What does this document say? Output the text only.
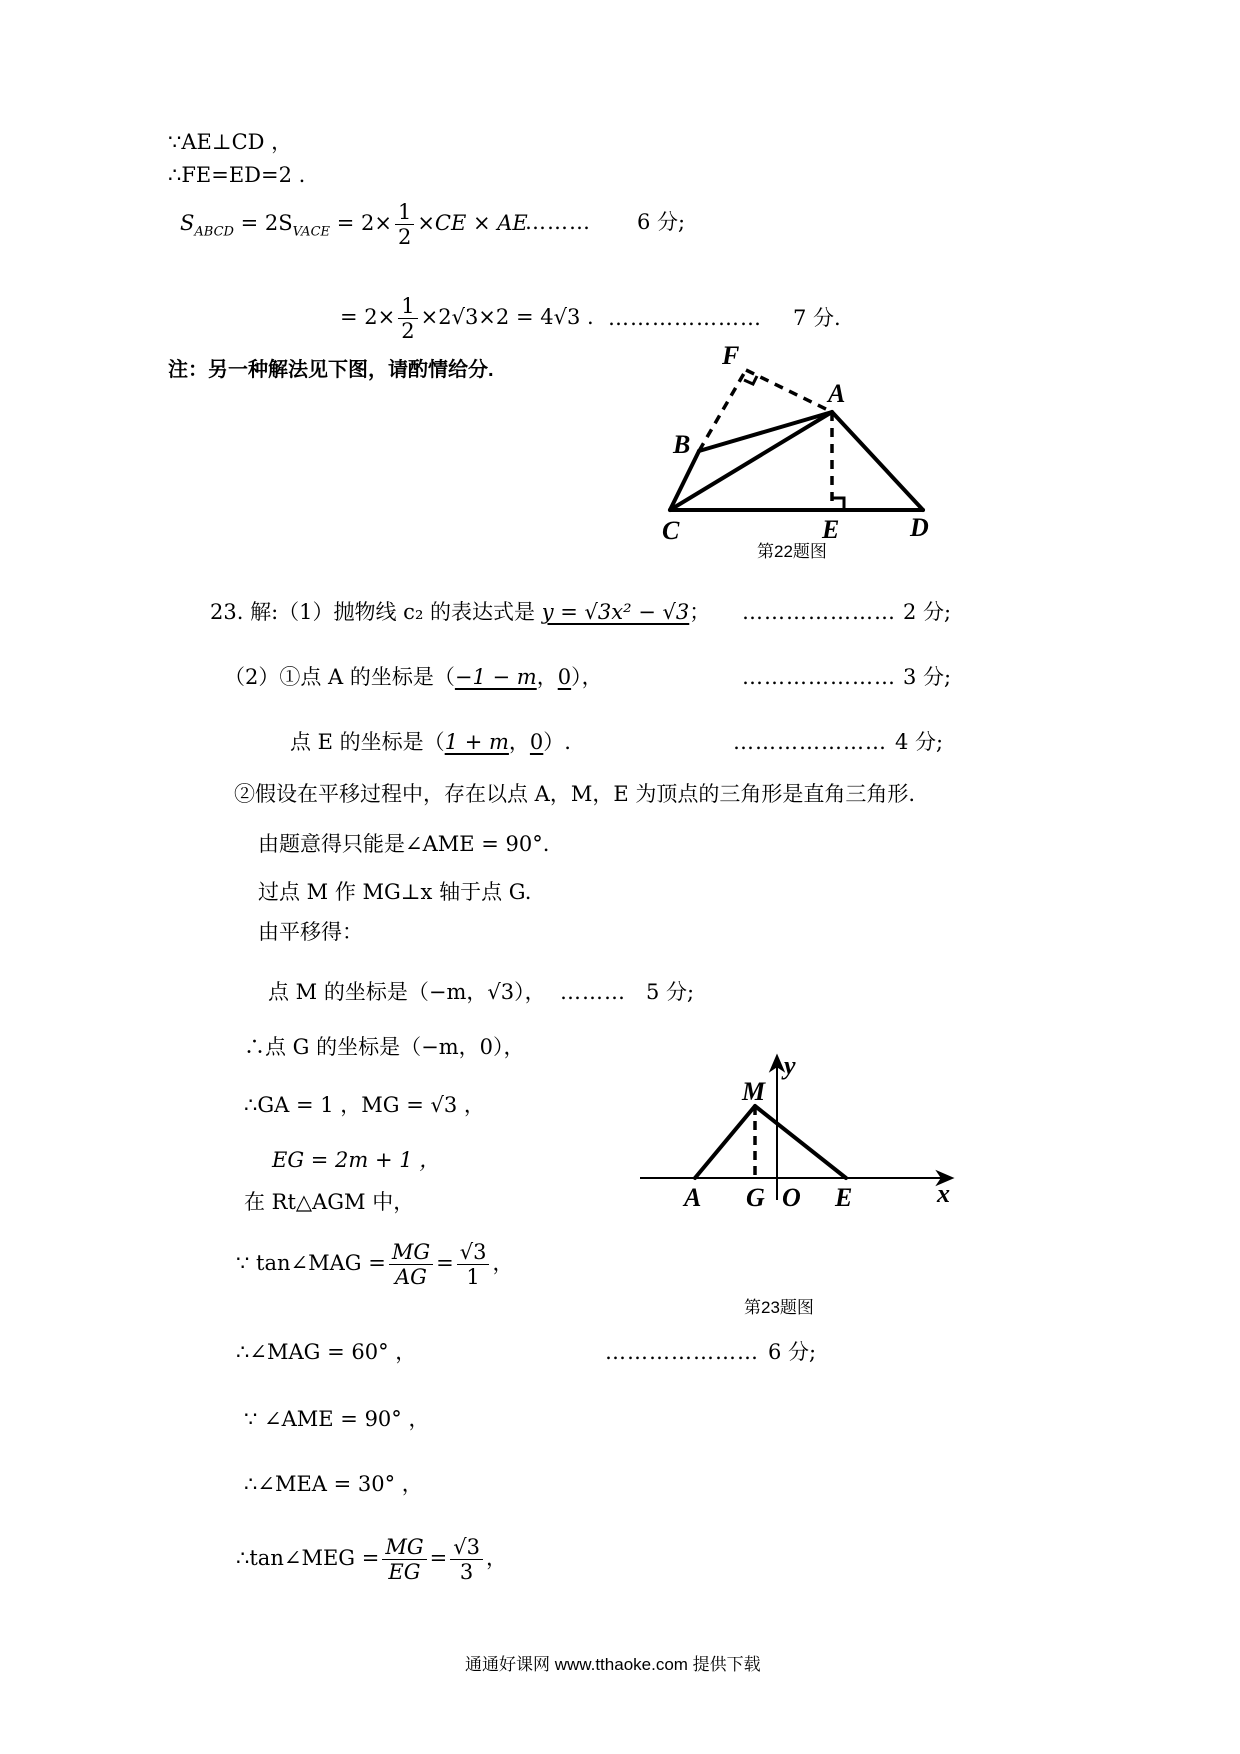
∵AE⊥CD ，
∴FE=ED=2 .
$S_{ABCD} = 2S_{VACE} = 2\times \frac{1}{2} \times CE$ × AE
……… 6 分;
= $2\times \frac{1}{2} \times 2√3\times 2 = 4√3$ . ………………… 7 分.
注：另一种解法见下图，请酌情给分.	F
A
B
C	E	D
第22题图
23. 解:（1）抛物线 c₂ 的表达式是 y = √3x² − √3； ………………… 2 分;
（2）①点 A 的坐标是（−1 − m，0），	………………… 3 分;
点 E 的坐标是（1 + m，0）.	………………… 4 分;
②假设在平移过程中，存在以点 A，M，E 为顶点的三角形是直角三角形.
由题意得只能是∠AME = 90°.
过点 M 作 MG⊥x 轴于点 G.
由平移得：
点 M 的坐标是（−m，√3）， ……… 5 分;
∴点 G 的坐标是（−m，0），
∴GA = 1 ，MG = √3 ，
EG = 2m + 1 ，
在 Rt△AGM 中，
∵ tan∠MAG = $\frac{MG}{AG} = \frac{√3}{1}$ ，
∴∠MAG = 60° ，	………………… 6 分;
∵ ∠AME = 90° ，
∴∠MEA = 30° ，
∴tan∠MEG = $\frac{MG}{EG} = \frac{√3}{3}$ ，
M
y
A G O E	x
第23题图
通通好课网 www.tthaoke.com 提供下载
